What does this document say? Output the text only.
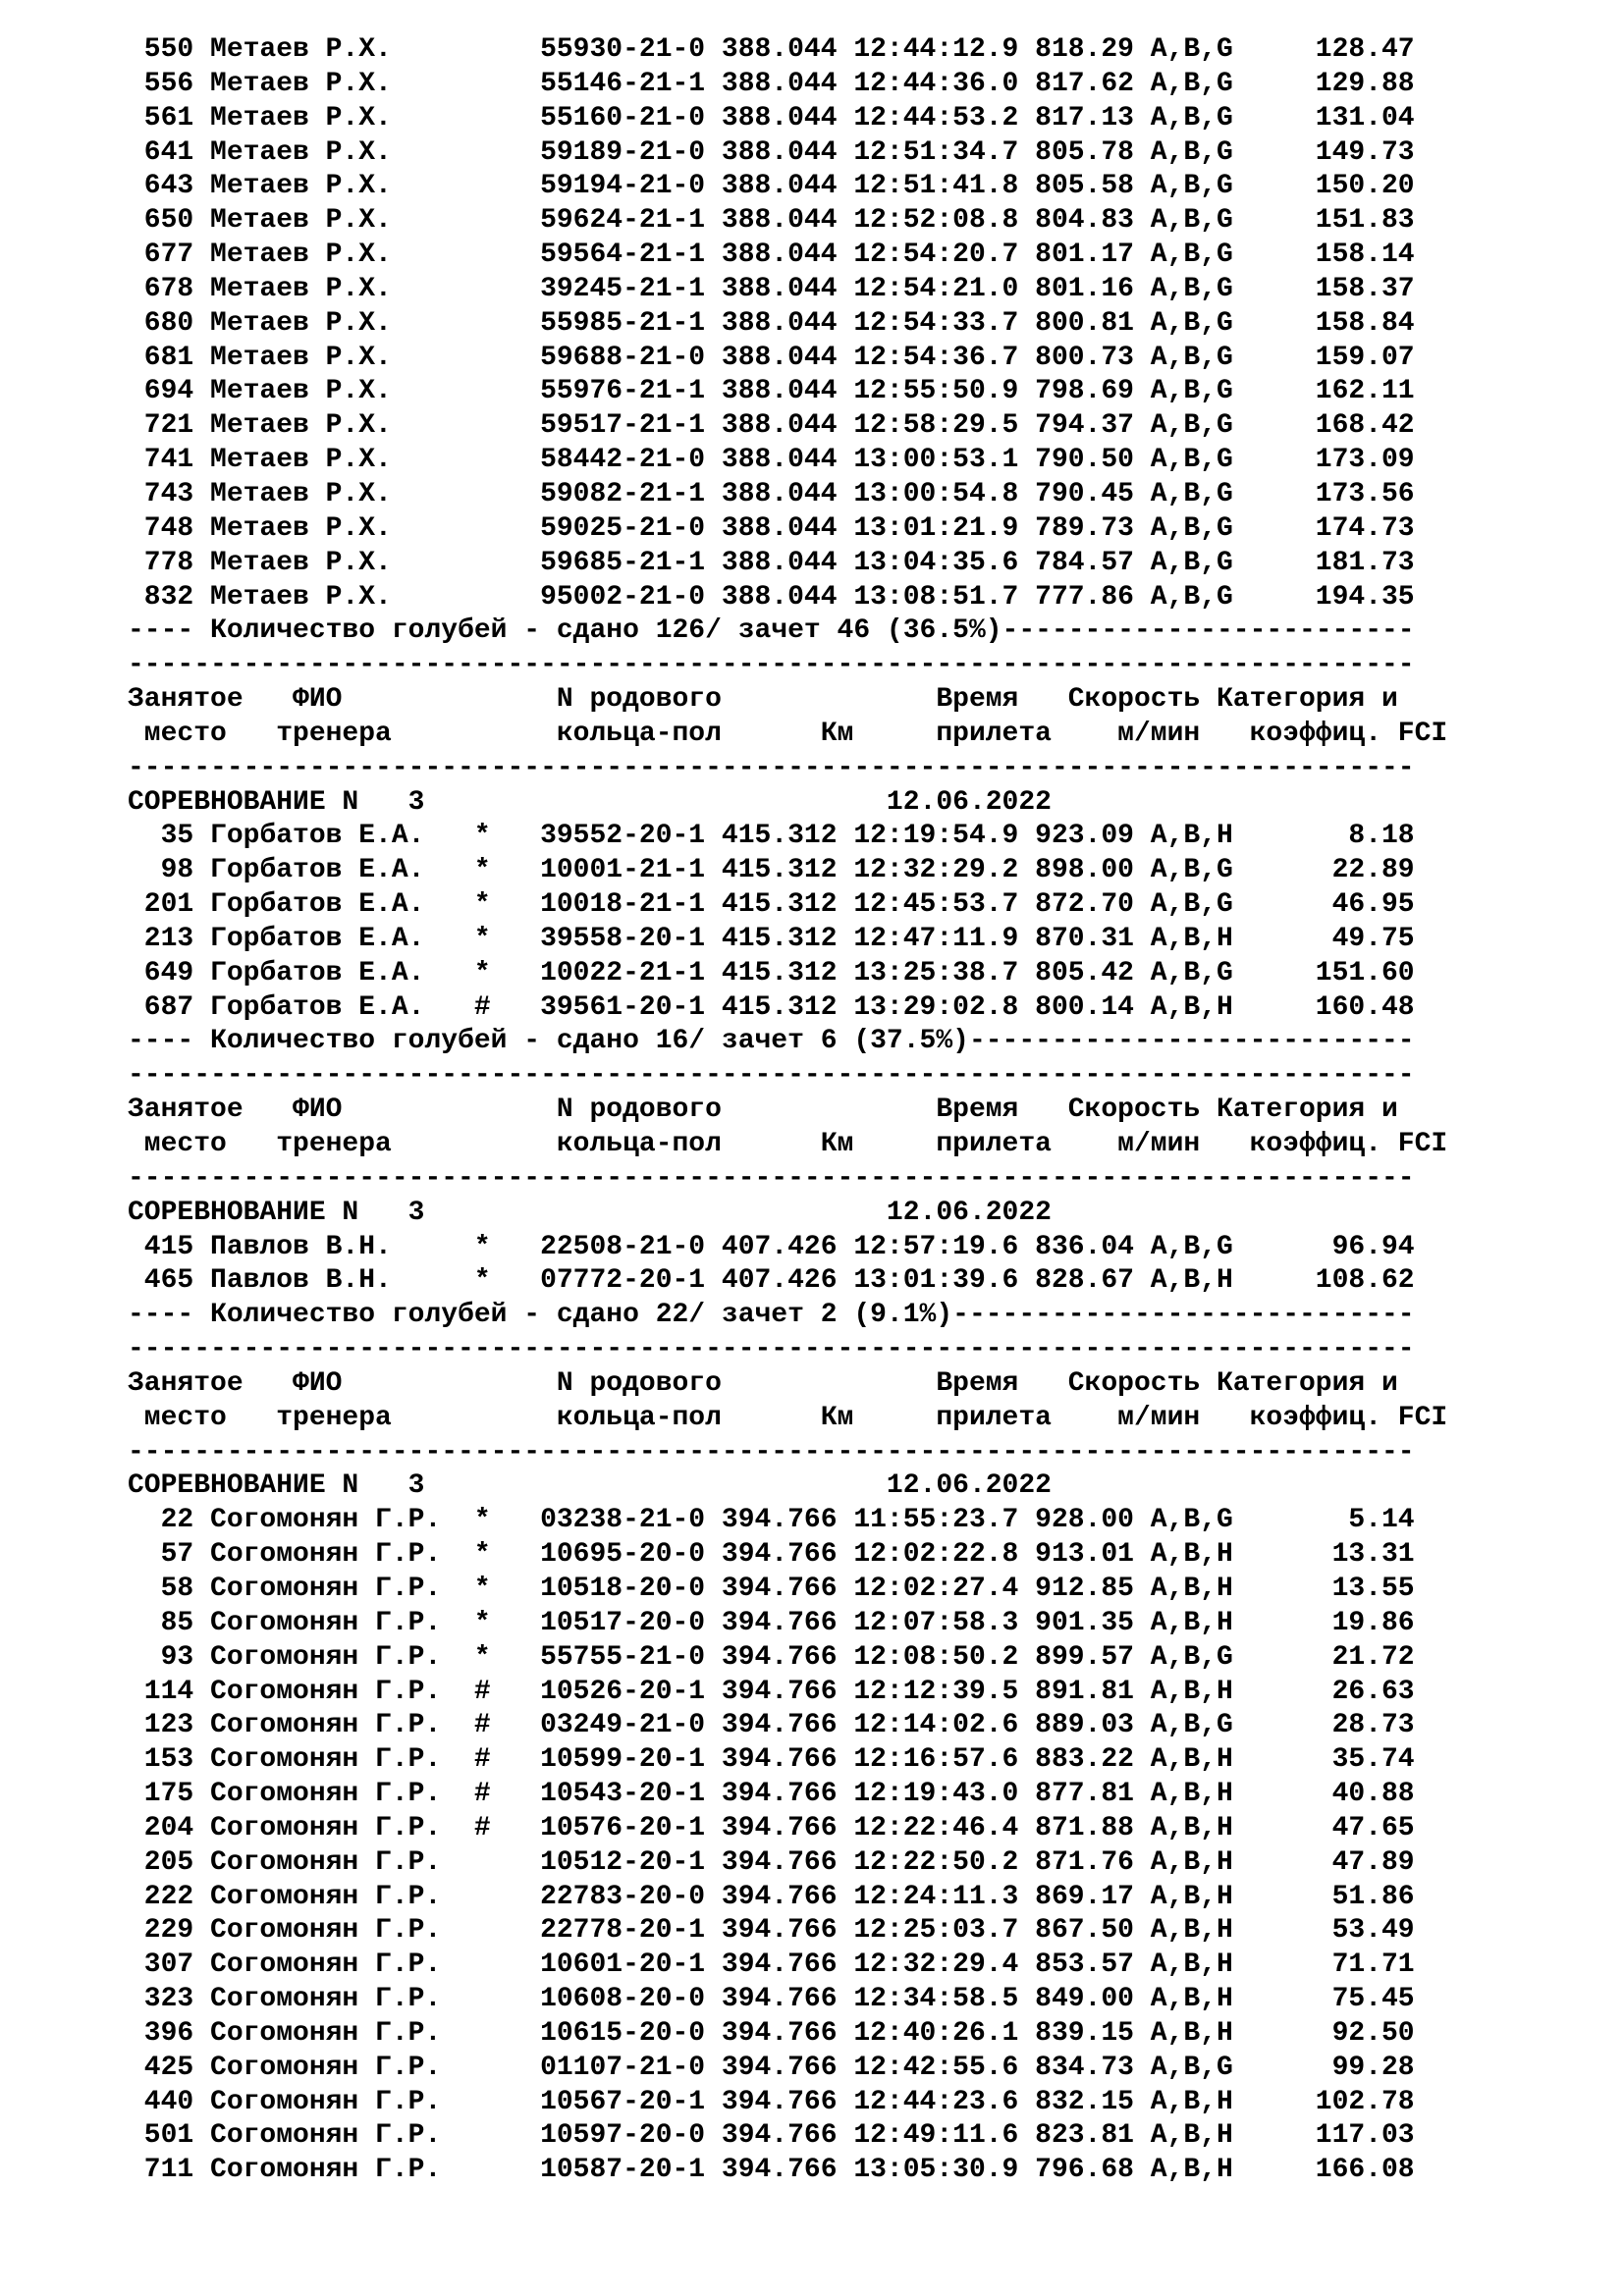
550 Метаев Р.Х.         55930-21-0 388.044 12:44:12.9 818.29 A,B,G     128.47
556 Метаев Р.Х.         55146-21-1 388.044 12:44:36.0 817.62 A,B,G     129.88
561 Метаев Р.Х.         55160-21-0 388.044 12:44:53.2 817.13 A,B,G     131.04
641 Метаев Р.Х.         59189-21-0 388.044 12:51:34.7 805.78 A,B,G     149.73
643 Метаев Р.Х.         59194-21-0 388.044 12:51:41.8 805.58 A,B,G     150.20
650 Метаев Р.Х.         59624-21-1 388.044 12:52:08.8 804.83 A,B,G     151.83
677 Метаев Р.Х.         59564-21-1 388.044 12:54:20.7 801.17 A,B,G     158.14
678 Метаев Р.Х.         39245-21-1 388.044 12:54:21.0 801.16 A,B,G     158.37
680 Метаев Р.Х.         55985-21-1 388.044 12:54:33.7 800.81 A,B,G     158.84
681 Метаев Р.Х.         59688-21-0 388.044 12:54:36.7 800.73 A,B,G     159.07
694 Метаев Р.Х.         55976-21-1 388.044 12:55:50.9 798.69 A,B,G     162.11
721 Метаев Р.Х.         59517-21-1 388.044 12:58:29.5 794.37 A,B,G     168.42
741 Метаев Р.Х.         58442-21-0 388.044 13:00:53.1 790.50 A,B,G     173.09
743 Метаев Р.Х.         59082-21-1 388.044 13:00:54.8 790.45 A,B,G     173.56
748 Метаев Р.Х.         59025-21-0 388.044 13:01:21.9 789.73 A,B,G     174.73
778 Метаев Р.Х.         59685-21-1 388.044 13:04:35.6 784.57 A,B,G     181.73
832 Метаев Р.Х.         95002-21-0 388.044 13:08:51.7 777.86 A,B,G     194.35
---- Количество голубей - сдано 126/ зачет 46 (36.5%)-------------------------
------------------------------------------------------------------------------
Занятое   ФИО             N родового             Время   Скорость Категория и
место   тренера          кольца-пол      Км     прилета    м/мин   коэффиц. FCI
------------------------------------------------------------------------------
СОРЕВНОВАНИЕ N   3                            12.06.2022
35 Горбатов Е.А.   *   39552-20-1 415.312 12:19:54.9 923.09 A,B,H       8.18
98 Горбатов Е.А.   *   10001-21-1 415.312 12:32:29.2 898.00 A,B,G      22.89
201 Горбатов Е.А.   *   10018-21-1 415.312 12:45:53.7 872.70 A,B,G      46.95
213 Горбатов Е.А.   *   39558-20-1 415.312 12:47:11.9 870.31 A,B,H      49.75
649 Горбатов Е.А.   *   10022-21-1 415.312 13:25:38.7 805.42 A,B,G     151.60
687 Горбатов Е.А.   #   39561-20-1 415.312 13:29:02.8 800.14 A,B,H     160.48
---- Количество голубей - сдано 16/ зачет 6 (37.5%)---------------------------
------------------------------------------------------------------------------
Занятое   ФИО             N родового             Время   Скорость Категория и
место   тренера          кольца-пол      Км     прилета    м/мин   коэффиц. FCI
------------------------------------------------------------------------------
СОРЕВНОВАНИЕ N   3                            12.06.2022
415 Павлов В.Н.     *   22508-21-0 407.426 12:57:19.6 836.04 A,B,G      96.94
465 Павлов В.Н.     *   07772-20-1 407.426 13:01:39.6 828.67 A,B,H     108.62
---- Количество голубей - сдано 22/ зачет 2 (9.1%)----------------------------
------------------------------------------------------------------------------
Занятое   ФИО             N родового             Время   Скорость Категория и
место   тренера          кольца-пол      Км     прилета    м/мин   коэффиц. FCI
------------------------------------------------------------------------------
СОРЕВНОВАНИЕ N   3                            12.06.2022
22 Согомонян Г.Р.  *   03238-21-0 394.766 11:55:23.7 928.00 A,B,G       5.14
57 Согомонян Г.Р.  *   10695-20-0 394.766 12:02:22.8 913.01 A,B,H      13.31
58 Согомонян Г.Р.  *   10518-20-0 394.766 12:02:27.4 912.85 A,B,H      13.55
85 Согомонян Г.Р.  *   10517-20-0 394.766 12:07:58.3 901.35 A,B,H      19.86
93 Согомонян Г.Р.  *   55755-21-0 394.766 12:08:50.2 899.57 A,B,G      21.72
114 Согомонян Г.Р.  #   10526-20-1 394.766 12:12:39.5 891.81 A,B,H      26.63
123 Согомонян Г.Р.  #   03249-21-0 394.766 12:14:02.6 889.03 A,B,G      28.73
153 Согомонян Г.Р.  #   10599-20-1 394.766 12:16:57.6 883.22 A,B,H      35.74
175 Согомонян Г.Р.  #   10543-20-1 394.766 12:19:43.0 877.81 A,B,H      40.88
204 Согомонян Г.Р.  #   10576-20-1 394.766 12:22:46.4 871.88 A,B,H      47.65
205 Согомонян Г.Р.      10512-20-1 394.766 12:22:50.2 871.76 A,B,H      47.89
222 Согомонян Г.Р.      22783-20-0 394.766 12:24:11.3 869.17 A,B,H      51.86
229 Согомонян Г.Р.      22778-20-1 394.766 12:25:03.7 867.50 A,B,H      53.49
307 Согомонян Г.Р.      10601-20-1 394.766 12:32:29.4 853.57 A,B,H      71.71
323 Согомонян Г.Р.      10608-20-0 394.766 12:34:58.5 849.00 A,B,H      75.45
396 Согомонян Г.Р.      10615-20-0 394.766 12:40:26.1 839.15 A,B,H      92.50
425 Согомонян Г.Р.      01107-21-0 394.766 12:42:55.6 834.73 A,B,G      99.28
440 Согомонян Г.Р.      10567-20-1 394.766 12:44:23.6 832.15 A,B,H     102.78
501 Согомонян Г.Р.      10597-20-0 394.766 12:49:11.6 823.81 A,B,H     117.03
711 Согомонян Г.Р.      10587-20-1 394.766 13:05:30.9 796.68 A,B,H     166.08
